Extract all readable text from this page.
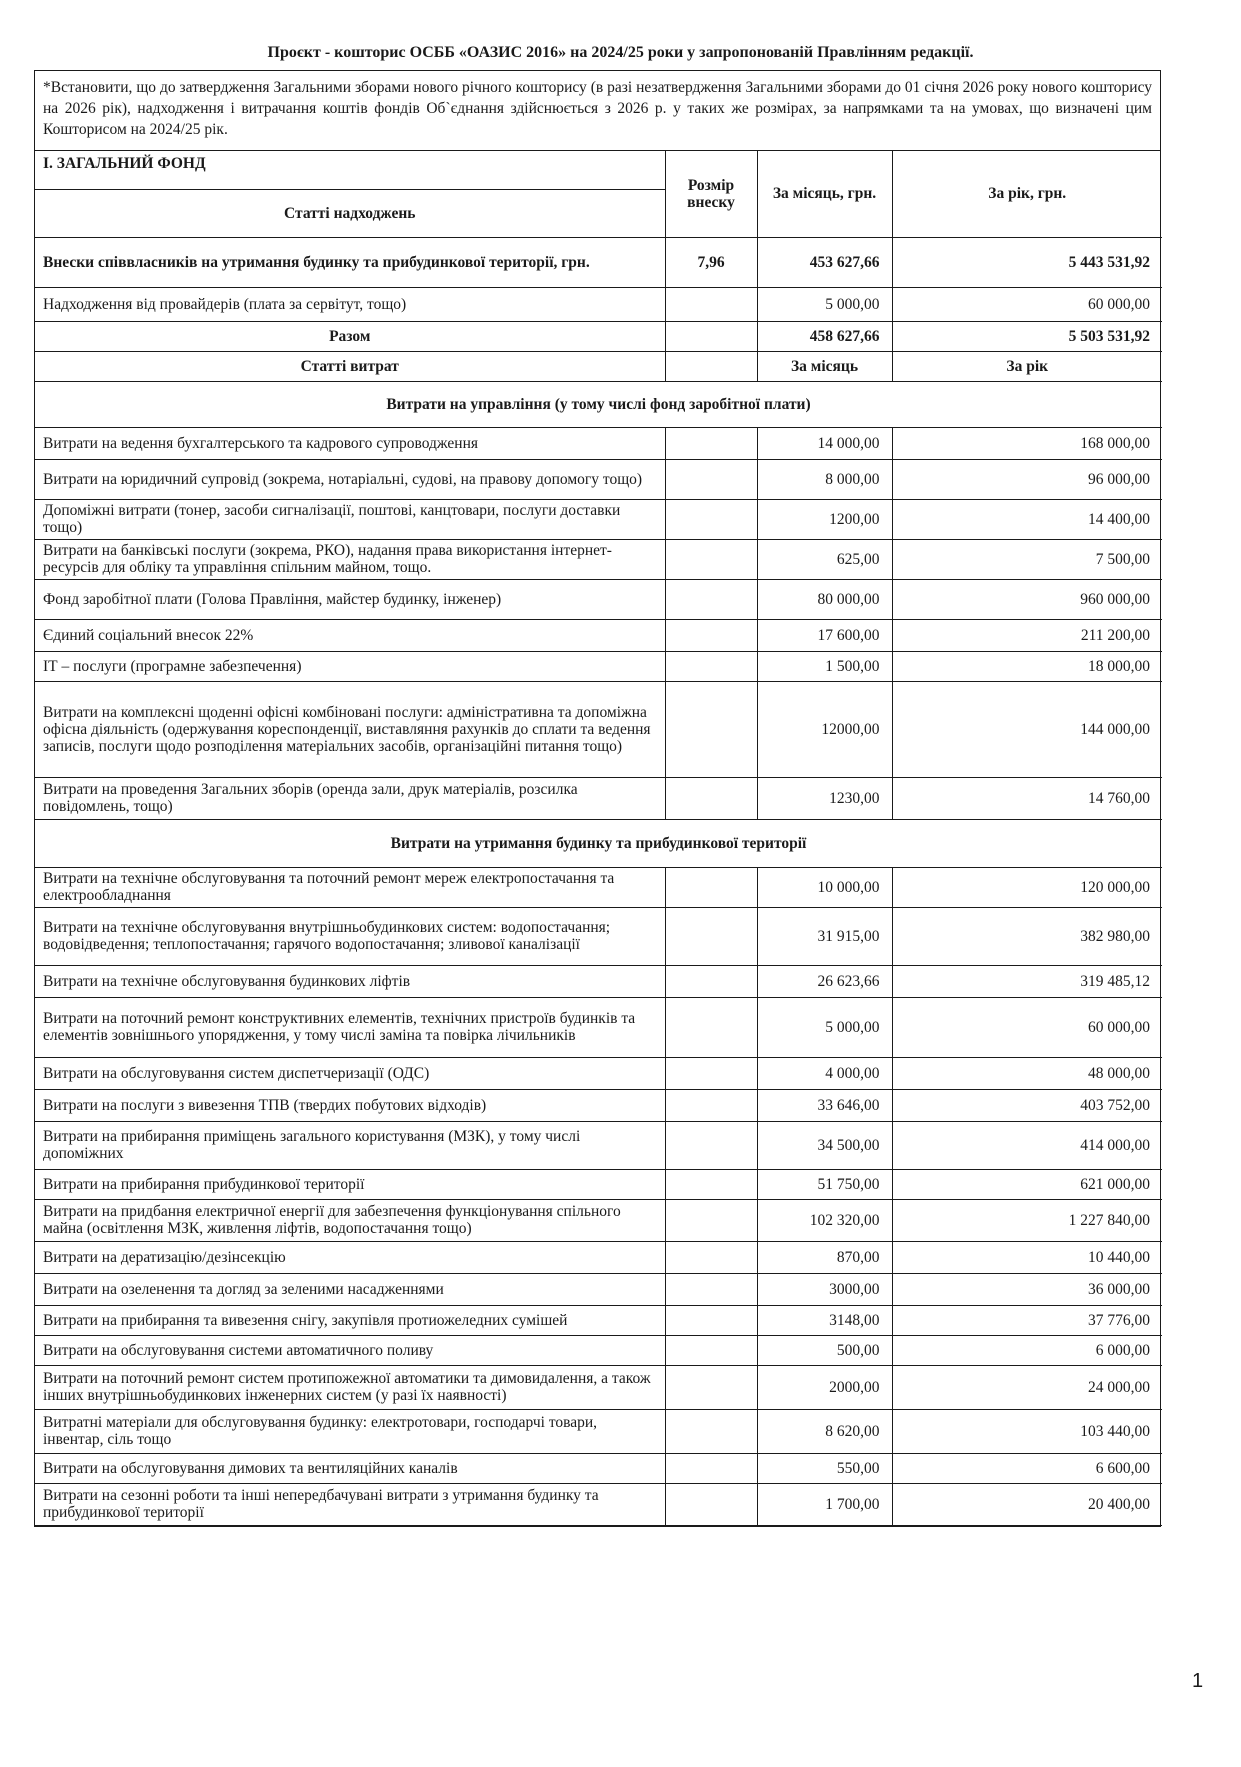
Проєкт - кошторис ОСББ «ОАЗИС 2016» на 2024/25 роки у запропонованій Правлінням редакції.
*Встановити, що до затвердження Загальними зборами нового річного кошторису (в разі незатвердження Загальними зборами до 01 січня 2026 року нового кошторису на 2026 рік), надходження і витрачання коштів фондів Об`єднання здійснюється з 2026 р. у таких же розмірах, за напрямками та на умовах, що визначені цим Кошторисом на 2024/25 рік.
І. ЗАГАЛЬНИЙ ФОНД	Розмір внеску	За місяць, грн.	За рік, грн.
Статті надходжень			
Внески співвласників на утримання будинку та прибудинкової території, грн.	7,96	453 627,66	5 443 531,92
Надходження від провайдерів (плата за сервітут, тощо)		5 000,00	60 000,00
Разом		458 627,66	5 503 531,92
Статті витрат		За місяць	За рік
Витрати на управління (у тому числі фонд заробітної плати)			
Витрати на ведення бухгалтерського та кадрового супроводження		14 000,00	168 000,00
Витрати на юридичний супровід (зокрема, нотаріальні, судові, на правову допомогу тощо)		8 000,00	96 000,00
Допоміжні витрати (тонер, засоби сигналізації, поштові, канцтовари, послуги доставки тощо)		1200,00	14 400,00
Витрати на банківські послуги (зокрема, РКО), надання права використання інтернет-ресурсів для обліку та управління спільним майном, тощо.		625,00	7 500,00
Фонд заробітної плати (Голова Правління, майстер будинку, інженер)		80 000,00	960 000,00
Єдиний соціальний внесок 22%		17 600,00	211 200,00
ІТ – послуги (програмне забезпечення)		1 500,00	18 000,00
Витрати на комплексні щоденні офісні комбіновані послуги: адміністративна та допоміжна офісна діяльність (одержування кореспонденції, виставляння рахунків до сплати та ведення записів, послуги щодо розподілення матеріальних засобів, організаційні питання тощо)		12000,00	144 000,00
Витрати на проведення Загальних зборів (оренда зали, друк матеріалів, розсилка повідомлень, тощо)		1230,00	14 760,00
Витрати на утримання будинку та прибудинкової території			
Витрати на технічне обслуговування та поточний ремонт мереж електропостачання та електрообладнання		10 000,00	120 000,00
Витрати на технічне обслуговування внутрішньобудинкових систем: водопостачання; водовідведення; теплопостачання; гарячого водопостачання; зливової каналізації		31 915,00	382 980,00
Витрати на технічне обслуговування будинкових ліфтів		26 623,66	319 485,12
Витрати на поточний ремонт конструктивних елементів, технічних пристроїв будинків та елементів зовнішнього упорядження, у тому числі заміна та повірка лічильників		5 000,00	60 000,00
Витрати на обслуговування систем диспетчеризації (ОДС)		4 000,00	48 000,00
Витрати на послуги з вивезення ТПВ (твердих побутових відходів)		33 646,00	403 752,00
Витрати на прибирання приміщень загального користування (МЗК), у тому числі допоміжних		34 500,00	414 000,00
Витрати на прибирання прибудинкової території		51 750,00	621 000,00
Витрати на придбання електричної енергії для забезпечення функціонування спільного майна (освітлення МЗК, живлення ліфтів, водопостачання тощо)		102 320,00	1 227 840,00
Витрати на дератизацію/дезінсекцію		870,00	10 440,00
Витрати на озеленення та догляд за зеленими насадженнями		3000,00	36 000,00
Витрати на прибирання та вивезення снігу, закупівля протиожеледних сумішей		3148,00	37 776,00
Витрати на обслуговування системи автоматичного поливу		500,00	6 000,00
Витрати на поточний ремонт систем протипожежної автоматики та димовидалення, а також інших внутрішньобудинкових інженерних систем (у разі їх наявності)		2000,00	24 000,00
Витратні матеріали для обслуговування будинку: електротовари, господарчі товари, інвентар, сіль тощо		8 620,00	103 440,00
Витрати на обслуговування димових та вентиляційних каналів		550,00	6 600,00
Витрати на сезонні роботи та інші непередбачувані витрати з утримання будинку та прибудинкової території		1 700,00	20 400,00
1
